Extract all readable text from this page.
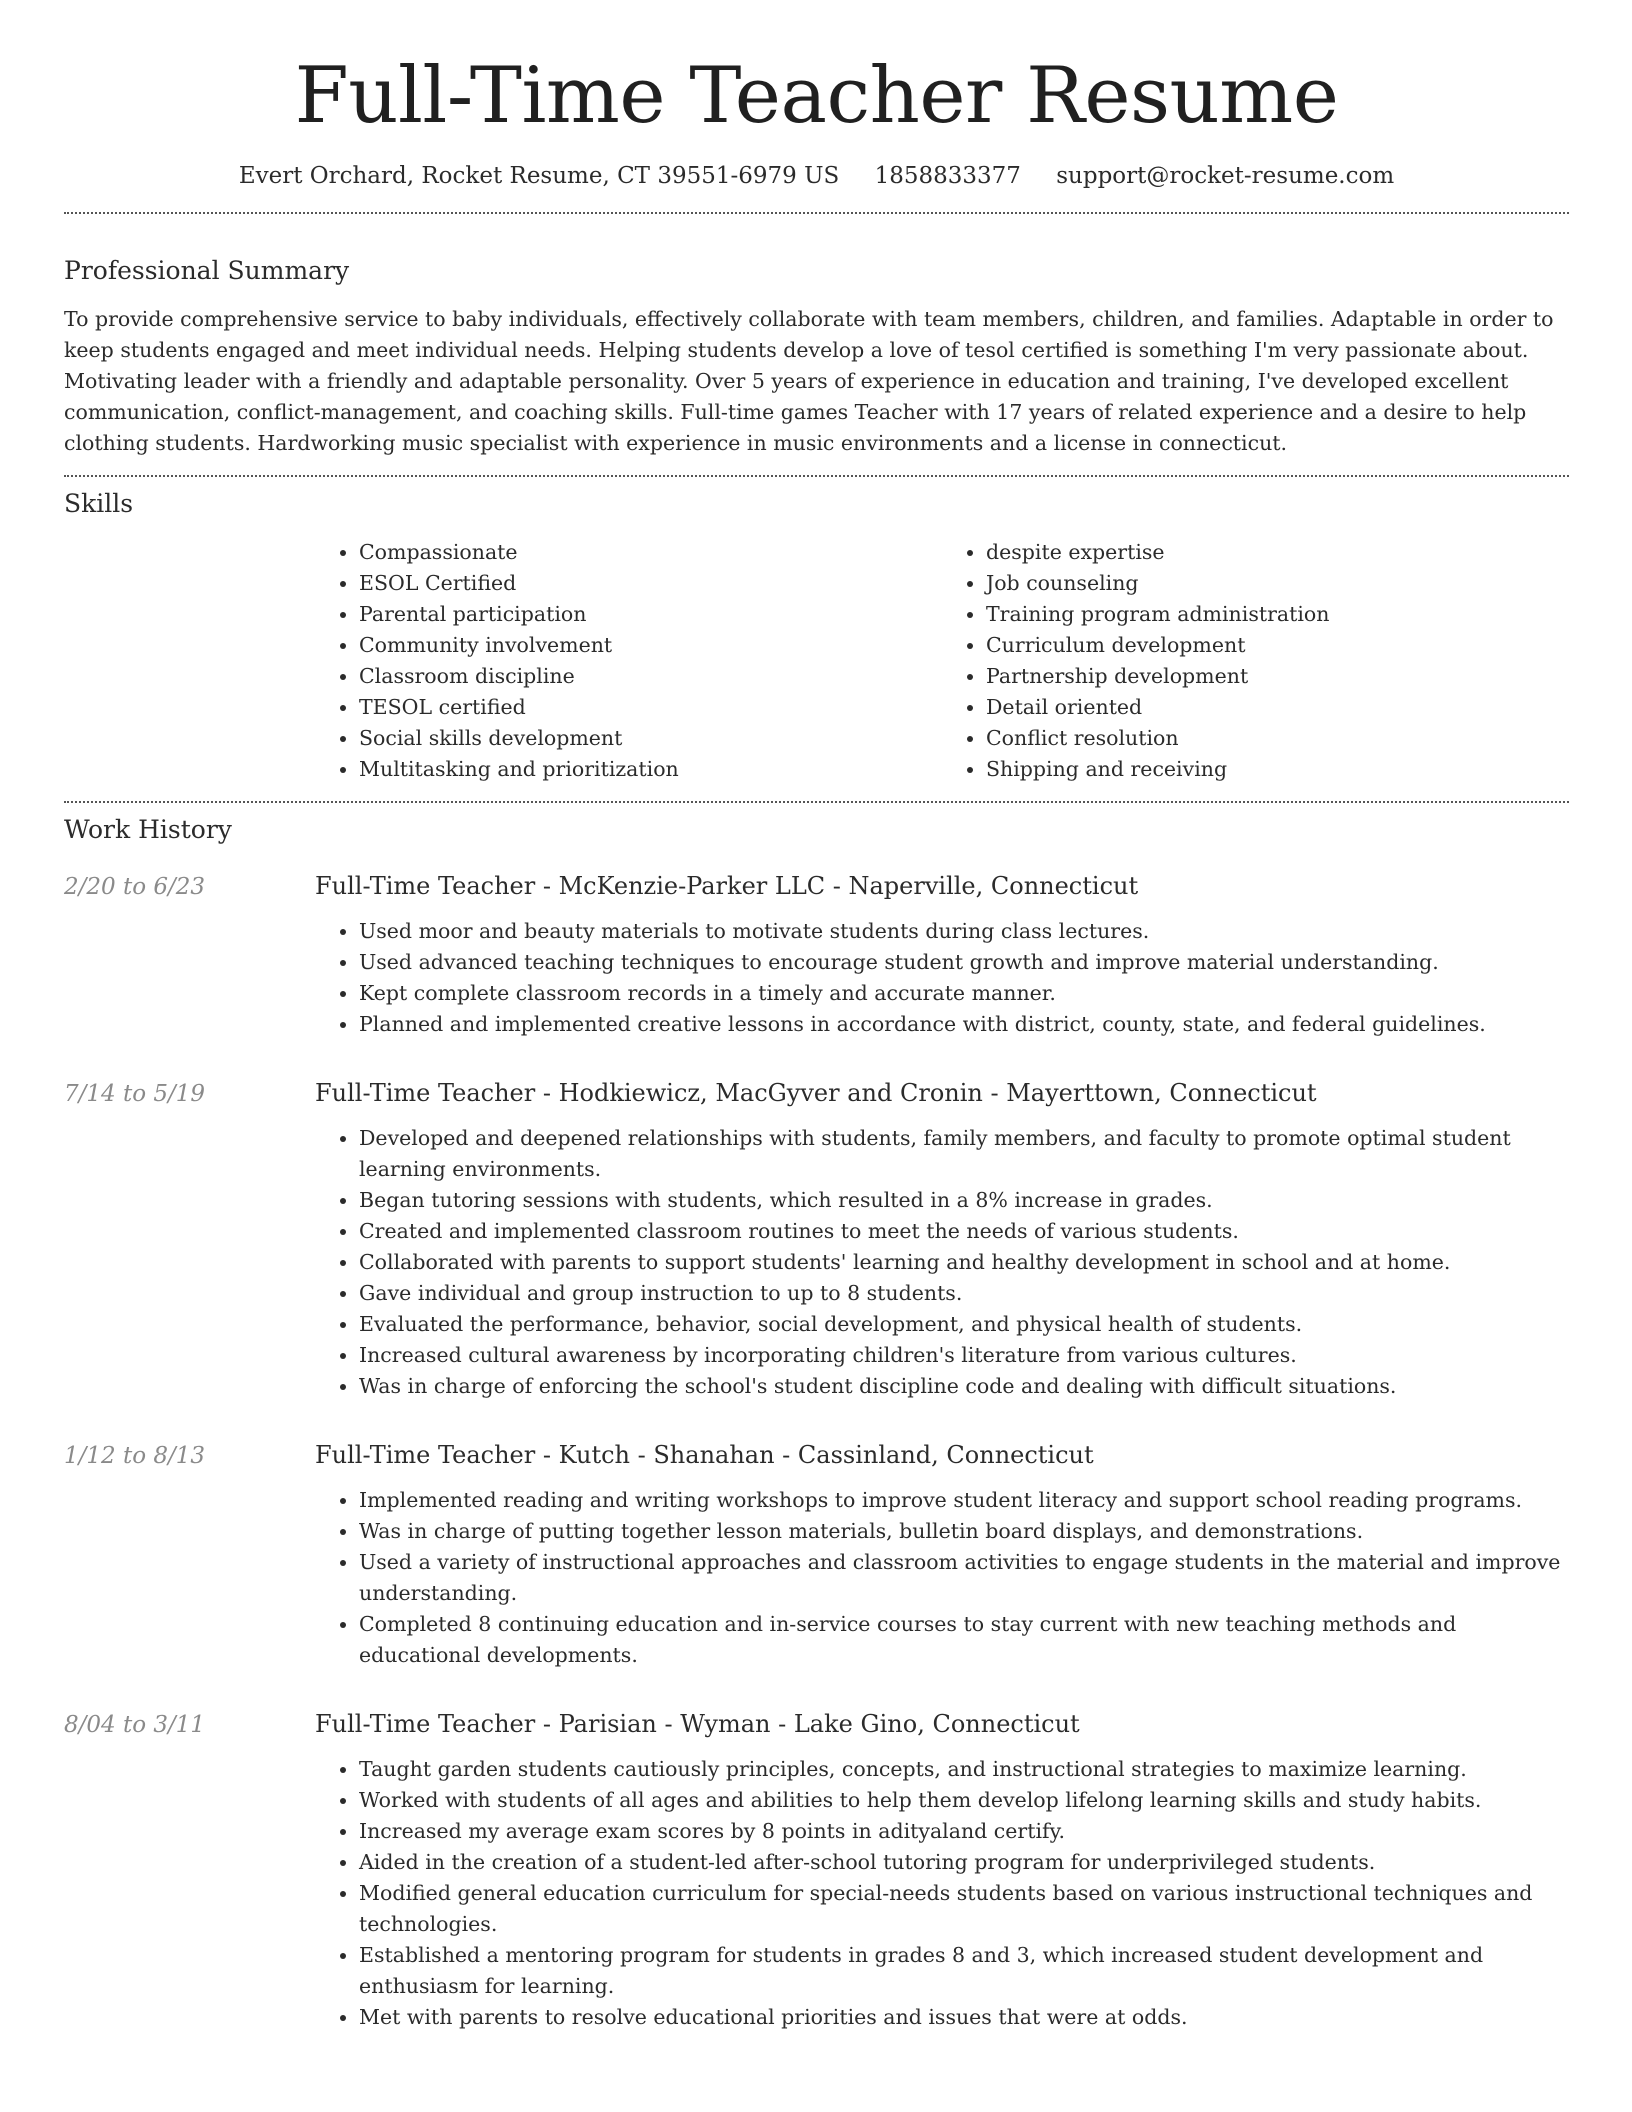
Full-Time Teacher Resume
Evert Orchard, Rocket Resume, CT 39551-6979 US 1858833377 support@rocket-resume.com
Professional Summary

To provide comprehensive service to baby individuals, effectively collaborate with team members, children, and families. Adaptable in order to keep students engaged and meet individual needs. Helping students develop a love of tesol certified is something I'm very passionate about. Motivating leader with a friendly and adaptable personality. Over 5 years of experience in education and training, I've developed excellent communication, conflict-management, and coaching skills. Full-time games Teacher with 17 years of related experience and a desire to help clothing students. Hardworking music specialist with experience in music environments and a license in connecticut.

Skills
• Compassionate
• ESOL Certified
• Parental participation
• Community involvement
• Classroom discipline
• TESOL certified
• Social skills development
• Multitasking and prioritization
• despite expertise
• Job counseling
• Training program administration
• Curriculum development
• Partnership development
• Detail oriented
• Conflict resolution
• Shipping and receiving
Work History
2/20 to 6/23	Full-Time Teacher - McKenzie-Parker LLC - Naperville, Connecticut
• Used moor and beauty materials to motivate students during class lectures.
• Used advanced teaching techniques to encourage student growth and improve material understanding.
• Kept complete classroom records in a timely and accurate manner.
• Planned and implemented creative lessons in accordance with district, county, state, and federal guidelines.
7/14 to 5/19	Full-Time Teacher - Hodkiewicz, MacGyver and Cronin - Mayerttown, Connecticut
• Developed and deepened relationships with students, family members, and faculty to promote optimal student learning environments.
• Began tutoring sessions with students, which resulted in a 8% increase in grades.
• Created and implemented classroom routines to meet the needs of various students.
• Collaborated with parents to support students' learning and healthy development in school and at home.
• Gave individual and group instruction to up to 8 students.
• Evaluated the performance, behavior, social development, and physical health of students.
• Increased cultural awareness by incorporating children's literature from various cultures.
• Was in charge of enforcing the school's student discipline code and dealing with difficult situations.
1/12 to 8/13	Full-Time Teacher - Kutch - Shanahan - Cassinland, Connecticut
• Implemented reading and writing workshops to improve student literacy and support school reading programs.
• Was in charge of putting together lesson materials, bulletin board displays, and demonstrations.
• Used a variety of instructional approaches and classroom activities to engage students in the material and improve understanding.
• Completed 8 continuing education and in-service courses to stay current with new teaching methods and educational developments.
8/04 to 3/11	Full-Time Teacher - Parisian - Wyman - Lake Gino, Connecticut
• Taught garden students cautiously principles, concepts, and instructional strategies to maximize learning.
• Worked with students of all ages and abilities to help them develop lifelong learning skills and study habits.
• Increased my average exam scores by 8 points in adityaland certify.
• Aided in the creation of a student-led after-school tutoring program for underprivileged students.
• Modified general education curriculum for special-needs students based on various instructional techniques and technologies.
• Established a mentoring program for students in grades 8 and 3, which increased student development and enthusiasm for learning.
• Met with parents to resolve educational priorities and issues that were at odds.
